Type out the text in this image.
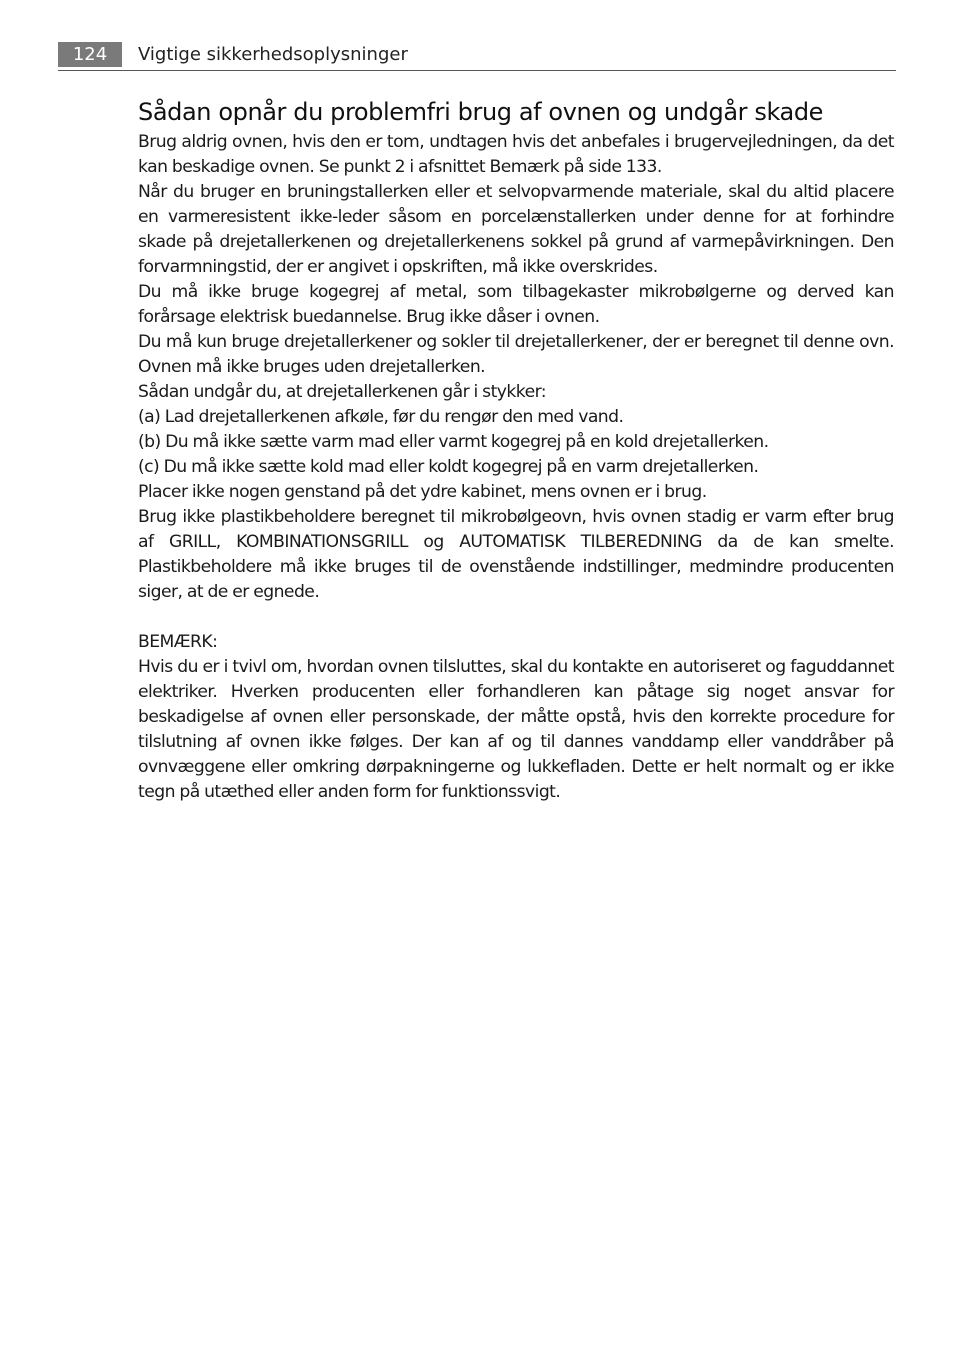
124	Vigtige sikkerhedsoplysninger
Sådan opnår du problemfri brug af ovnen og undgår skade

Brug aldrig ovnen, hvis den er tom, undtagen hvis det anbefales i brugervejledningen, da det kan beskadige ovnen. Se punkt 2 i afsnittet Bemærk på side 133.

Når du bruger en bruningstallerken eller et selvopvarmende materiale, skal du altid placere en varmeresistent ikke-leder såsom en porcelænstallerken under denne for at forhindre skade på drejetallerkenen og drejetallerkenens sokkel på grund af varmepåvirkningen. Den forvarmningstid, der er angivet i opskriften, må ikke overskrides.

Du må ikke bruge kogegrej af metal, som tilbagekaster mikrobølgerne og derved kan forårsage elektrisk buedannelse. Brug ikke dåser i ovnen.

Du må kun bruge drejetallerkener og sokler til drejetallerkener, der er beregnet til denne ovn. Ovnen må ikke bruges uden drejetallerken.

Sådan undgår du, at drejetallerkenen går i stykker:

(a) Lad drejetallerkenen afkøle, før du rengør den med vand.

(b) Du må ikke sætte varm mad eller varmt kogegrej på en kold drejetallerken.

(c) Du må ikke sætte kold mad eller koldt kogegrej på en varm drejetallerken.

Placer ikke nogen genstand på det ydre kabinet, mens ovnen er i brug.

Brug ikke plastikbeholdere beregnet til mikrobølgeovn, hvis ovnen stadig er varm efter brug af GRILL, KOMBINATIONSGRILL og AUTOMATISK TILBEREDNING da de kan smelte. Plastikbeholdere må ikke bruges til de ovenstående indstillinger, medmindre producenten siger, at de er egnede.

BEMÆRK:

Hvis du er i tvivl om, hvordan ovnen tilsluttes, skal du kontakte en autoriseret og faguddannet elektriker. Hverken producenten eller forhandleren kan påtage sig noget ansvar for beskadigelse af ovnen eller personskade, der måtte opstå, hvis den korrekte procedure for tilslutning af ovnen ikke følges. Der kan af og til dannes vanddamp eller vanddråber på ovnvæggene eller omkring dørpakningerne og lukkefladen. Dette er helt normalt og er ikke tegn på utæthed eller anden form for funktionssvigt.
